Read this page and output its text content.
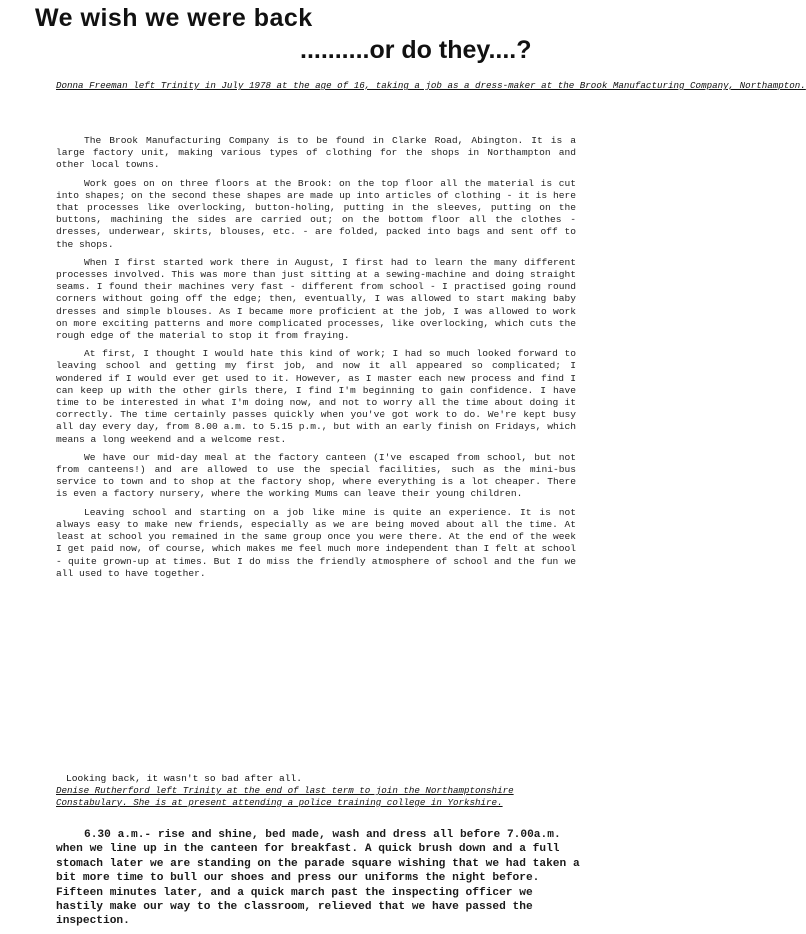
We wish we were back
..........or do they....?
Donna Freeman left Trinity in July 1978 at the age of 16, taking a job as a dress-maker at the Brook Manufacturing Company, Northampton.

The Brook Manufacturing Company is to be found in Clarke Road, Abington. It is a large factory unit, making various types of clothing for the shops in Northampton and other local towns.

Work goes on on three floors at the Brook: on the top floor all the material is cut into shapes; on the second these shapes are made up into articles of clothing - it is here that processes like overlocking, button-holing, putting in the sleeves, putting on the buttons, machining the sides are carried out; on the bottom floor all the clothes - dresses, underwear, skirts, blouses, etc. - are folded, packed into bags and sent off to the shops.

When I first started work there in August, I first had to learn the many different processes involved. This was more than just sitting at a sewing-machine and doing straight seams. I found their machines very fast - different from school - I practised going round corners without going off the edge; then, eventually, I was allowed to start making baby dresses and simple blouses. As I became more proficient at the job, I was allowed to work on more exciting patterns and more complicated processes, like overlocking, which cuts the rough edge of the material to stop it from fraying.

At first, I thought I would hate this kind of work; I had so much looked forward to leaving school and getting my first job, and now it all appeared so complicated; I wondered if I would ever get used to it. However, as I master each new process and find I can keep up with the other girls there, I find I'm beginning to gain confidence. I have time to be interested in what I'm doing now, and not to worry all the time about doing it correctly. The time certainly passes quickly when you've got work to do. We're kept busy all day every day, from 8.00 a.m. to 5.15 p.m., but with an early finish on Fridays, which means a long weekend and a welcome rest.

We have our mid-day meal at the factory canteen (I've escaped from school, but not from canteens!) and are allowed to use the special facilities, such as the mini-bus service to town and to shop at the factory shop, where everything is a lot cheaper. There is even a factory nursery, where the working Mums can leave their young children.

Leaving school and starting on a job like mine is quite an experience. It is not always easy to make new friends, especially as we are being moved about all the time. At least at school you remained in the same group once you were there. At the end of the week I get paid now, of course, which makes me feel much more independent than I felt at school - quite grown-up at times. But I do miss the friendly atmosphere of school and the fun we all used to have together.

Looking back, it wasn't so bad after all.

Denise Rutherford left Trinity at the end of last term to join the Northamptonshire Constabulary. She is at present attending a police training college in Yorkshire.

6.30 a.m.- rise and shine, bed made, wash and dress all before 7.00a.m. when we line up in the canteen for breakfast. A quick brush down and a full stomach later we are standing on the parade square wishing that we had taken a bit more time to bull our shoes and press our uniforms the night before. Fifteen minutes later, and a quick march past the inspecting officer we hastily make our way to the classroom, relieved that we have passed the inspection.
